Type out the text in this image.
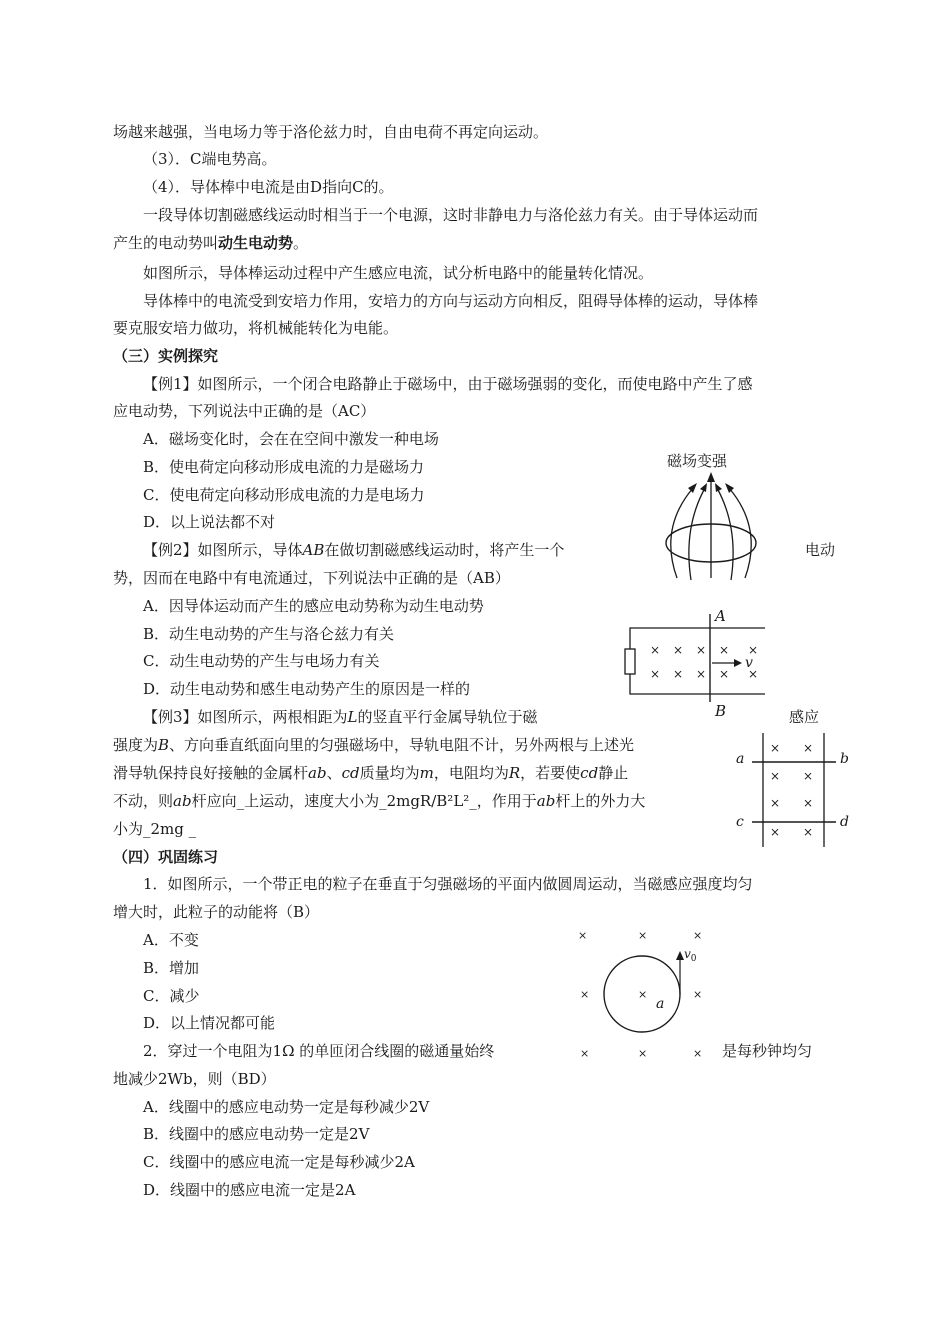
场越来越强，当电场力等于洛伦兹力时，自由电荷不再定向运动。
（3）．C端电势高。
（4）．导体棒中电流是由D指向C的。
一段导体切割磁感线运动时相当于一个电源，这时非静电力与洛伦兹力有关。由于导体运动而
产生的电动势叫动生电动势。
如图所示，导体棒运动过程中产生感应电流，试分析电路中的能量转化情况。
导体棒中的电流受到安培力作用，安培力的方向与运动方向相反，阻碍导体棒的运动，导体棒
要克服安培力做功，将机械能转化为电能。
（三）实例探究
【例1】如图所示，一个闭合电路静止于磁场中，由于磁场强弱的变化，而使电路中产生了感
应电动势，下列说法中正确的是（AC）
A．磁场变化时，会在在空间中激发一种电场
B．使电荷定向移动形成电流的力是磁场力
C．使电荷定向移动形成电流的力是电场力
D．以上说法都不对
磁场变强
【例2】如图所示，导体AB在做切割磁感线运动时，将产生一个	电动
势，因而在电路中有电流通过，下列说法中正确的是（AB）
A．因导体运动而产生的感应电动势称为动生电动势
B．动生电动势的产生与洛仑兹力有关
C．动生电动势的产生与电场力有关
D．动生电动势和感生电动势产生的原因是一样的
A
B
× × × × ×
× × × × ×
v
【例3】如图所示，两根相距为L的竖直平行金属导轨位于磁	感应
强度为B、方向垂直纸面向里的匀强磁场中，导轨电阻不计，另外两根与上述光
滑导轨保持良好接触的金属杆ab、cd质量均为m，电阻均为R，若要使cd静止
不动，则ab杆应向_上运动，速度大小为_2mgR/B²L²_，作用于ab杆上的外力大
小为_2mg _
a	b
c	d
× ×
× ×
× ×
× ×
（四）巩固练习
1．如图所示，一个带正电的粒子在垂直于匀强磁场的平面内做圆周运动，当磁感应强度均匀
增大时，此粒子的动能将（B）
A．不变
B．增加
C．减少
D．以上情况都可能
×	×	×
×	×	×
×	×	×
$v_0$
a
2．穿过一个电阻为1Ω 的单匝闭合线圈的磁通量始终	是每秒钟均匀
地减少2Wb，则（BD）
A．线圈中的感应电动势一定是每秒减少2V
B．线圈中的感应电动势一定是2V
C．线圈中的感应电流一定是每秒减少2A
D．线圈中的感应电流一定是2A
